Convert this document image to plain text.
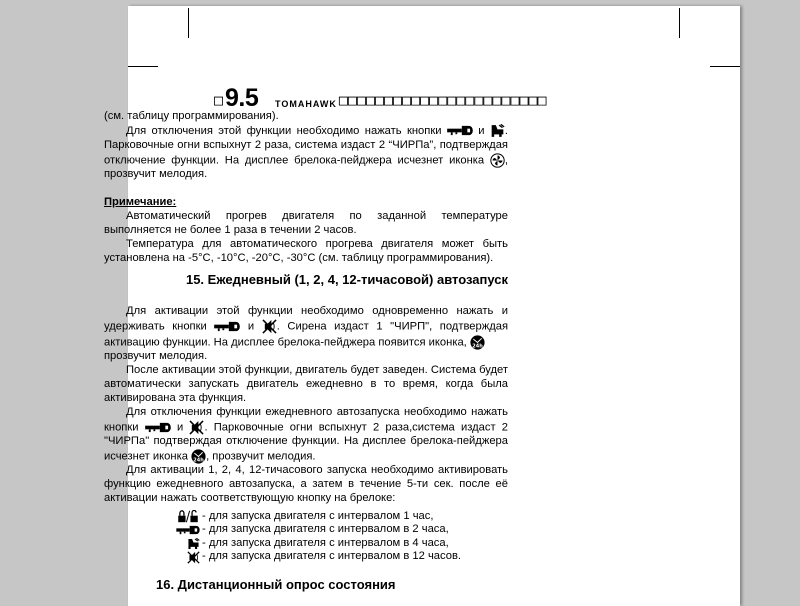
□ 9.5 TOMAHAWK □□□□□□□□□□□□□□□□□□□□□□□

(см. таблицу программирования).

Для отключения этой функции необходимо нажать кнопки  и . Парковочные огни вспыхнут 2 раза, система издаст 2 “ЧИРПа”, подтверждая отключение функции. На дисплее брелока-пейджера исчезнет иконка , прозвучит мелодия.

Примечание:

Автоматический прогрев двигателя по заданной температуре выполняется не более 1 раза в течении 2 часов.

Температура для автоматического прогрева двигателя может быть установлена на -5°С, -10°С, -20°С, -30°С (см. таблицу программирования).

15. Ежедневный (1, 2, 4, 12-тичасовой) автозапуск

Для активации этой функции необходимо одновременно нажать и удерживать кнопки  и . Сирена издаст 1 "ЧИРП", подтверждая активацию функции. На дисплее брелока-пейджера появится иконка,
прозвучит мелодия.

После активации этой функции, двигатель будет заведен. Система будет автоматически запускать двигатель ежедневно в то время, когда была активирована эта функция.

Для отключения функции ежедневного автозапуска необходимо нажать кнопки  и . Парковочные огни вспыхнут 2 раза,система издаст 2 "ЧИРПа" подтверждая отключение функции. На дисплее брелока-пейджера исчезнет иконка , прозвучит мелодия.

Для активации 1, 2, 4, 12-тичасового запуска необходимо активировать функцию ежедневного автозапуска, а затем в течение 5-ти сек. после её активации нажать соответствующую кнопку на брелоке:

- для запуска двигателя с интервалом 1 час,
- для запуска двигателя с интервалом в 2 часа,
- для запуска двигателя с интервалом в 4 часа,
- для запуска двигателя с интервалом в 12 часов.

16. Дистанционный опрос состояния
